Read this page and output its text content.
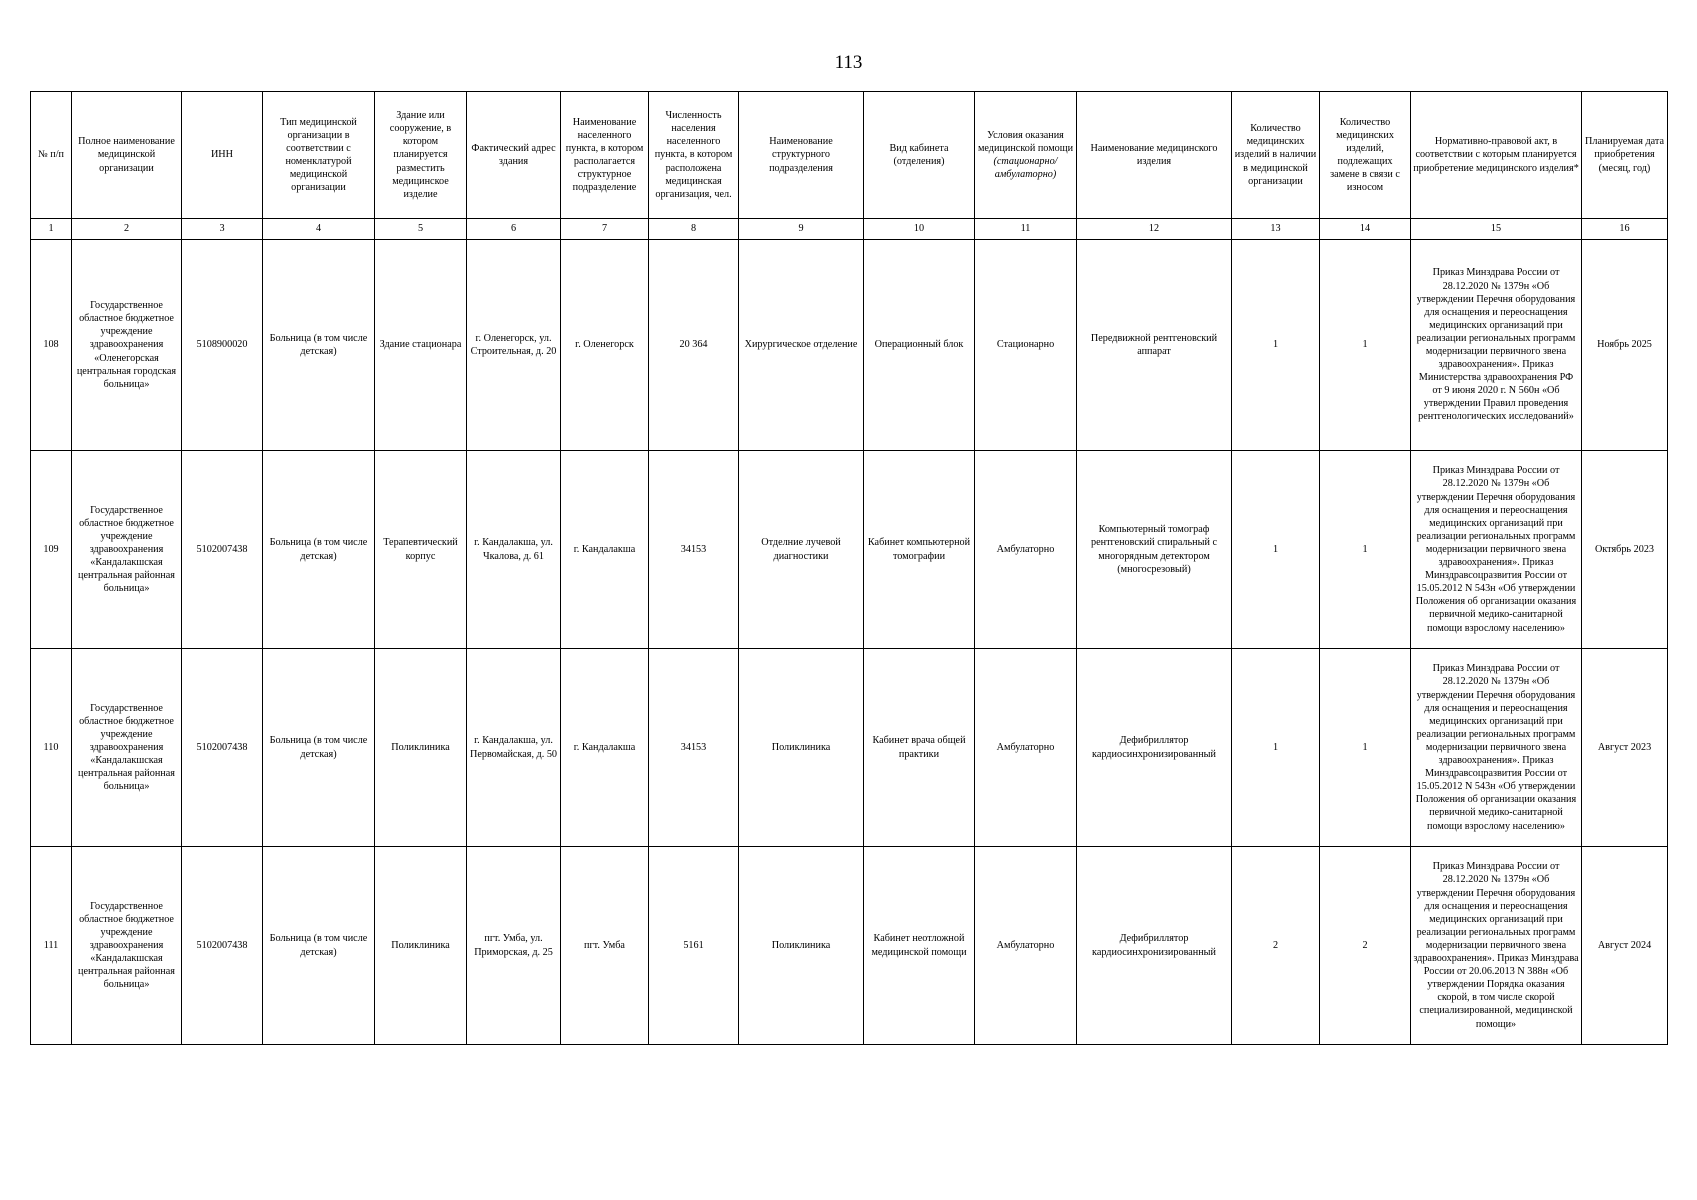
113
№ п/п	Полное наименование медицинской организации	ИНН	Тип медицинской организации в соответствии с номенклатурой медицинской организации	Здание или сооружение, в котором планируется разместить медицинское изделие	Фактический адрес здания	Наименование населенного пункта, в котором располагается структурное подразделение	Численность населения населенного пункта, в котором расположена медицинская организация, чел.	Наименование структурного подразделения	Вид кабинета (отделения)	Условия оказания медицинской помощи
(стационарно/ амбулаторно)	Наименование медицинского изделия	Количество медицинских изделий в наличии в медицинской организации	Количество медицинских изделий, подлежащих замене в связи с износом	Нормативно-правовой акт, в соответствии с которым планируется приобретение медицинского изделия*	Планируемая дата приобретения (месяц, год)
1	2	3	4	5	6	7	8	9	10	11	12	13	14	15	16
108	Государственное областное бюджетное учреждение здравоохранения «Оленегорская центральная городская больница»	5108900020	Больница (в том числе детская)	Здание стационара	г. Оленегорск, ул. Строительная, д. 20	г. Оленегорск	20 364	Хирургическое отделение	Операционный блок	Стационарно	Передвижной рентгеновский аппарат	1	1	Приказ Минздрава России от 28.12.2020 № 1379н «Об утверждении Перечня оборудования для оснащения и переоснащения медицинских организаций при реализации региональных программ модернизации первичного звена здравоохранения». Приказ Министерства здравоохранения РФ от 9 июня 2020 г. N 560н «Об утверждении Правил проведения рентгенологических исследований»	Ноябрь 2025
109	Государственное областное бюджетное учреждение здравоохранения «Кандалакшская центральная районная больница»	5102007438	Больница (в том числе детская)	Терапевтический корпус	г. Кандалакша, ул. Чкалова, д. 61	г. Кандалакша	34153	Отделние лучевой диагностики	Кабинет компьютерной томографии	Амбулаторно	Компьютерный томограф рентгеновский спиральный с многорядным детектором (многосрезовый)	1	1	Приказ Минздрава России от 28.12.2020 № 1379н «Об утверждении Перечня оборудования для оснащения и переоснащения медицинских организаций при реализации региональных программ модернизации первичного звена здравоохранения». Приказ Минздравсоцразвития России от 15.05.2012 N 543н «Об утверждении Положения об организации оказания первичной медико-санитарной помощи взрослому населению»	Октябрь 2023
110	Государственное областное бюджетное учреждение здравоохранения «Кандалакшская центральная районная больница»	5102007438	Больница (в том числе детская)	Поликлиника	г. Кандалакша, ул. Первомайская, д. 50	г. Кандалакша	34153	Поликлиника	Кабинет врача общей практики	Амбулаторно	Дефибриллятор кардиосинхронизированный	1	1	Приказ Минздрава России от 28.12.2020 № 1379н «Об утверждении Перечня оборудования для оснащения и переоснащения медицинских организаций при реализации региональных программ модернизации первичного звена здравоохранения». Приказ Минздравсоцразвития России от 15.05.2012 N 543н «Об утверждении Положения об организации оказания первичной медико-санитарной помощи взрослому населению»	Август 2023
111	Государственное областное бюджетное учреждение здравоохранения «Кандалакшская центральная районная больница»	5102007438	Больница (в том числе детская)	Поликлиника	пгт. Умба, ул. Приморская, д. 25	пгт. Умба	5161	Поликлиника	Кабинет неотложной медицинской помощи	Амбулаторно	Дефибриллятор кардиосинхронизированный	2	2	Приказ Минздрава России от 28.12.2020 № 1379н «Об утверждении Перечня оборудования для оснащения и переоснащения медицинских организаций при реализации региональных программ модернизации первичного звена здравоохранения». Приказ Минздрава России от 20.06.2013 N 388н «Об утверждении Порядка оказания скорой, в том числе скорой специализированной, медицинской помощи»	Август 2024
